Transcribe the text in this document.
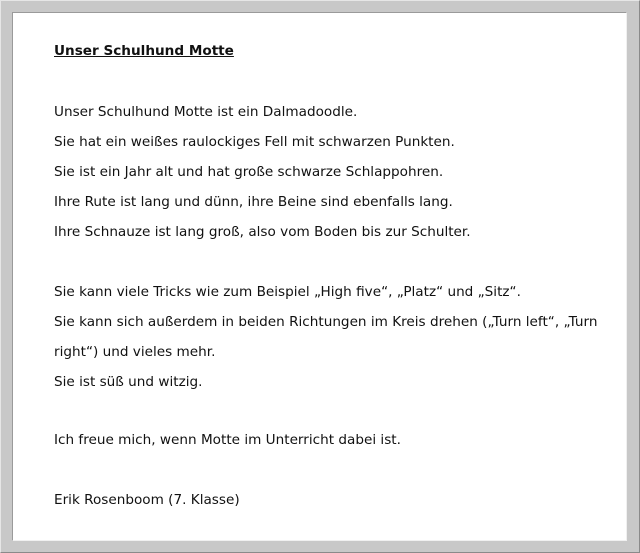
Unser Schulhund Motte
Unser Schulhund Motte ist ein Dalmadoodle.
Sie hat ein weißes raulockiges Fell mit schwarzen Punkten.
Sie ist ein Jahr alt und hat große schwarze Schlappohren.
Ihre Rute ist lang und dünn, ihre Beine sind ebenfalls lang.
Ihre Schnauze ist lang groß, also vom Boden bis zur Schulter.
Sie kann viele Tricks wie zum Beispiel „High five“, „Platz“ und „Sitz“.
Sie kann sich außerdem in beiden Richtungen im Kreis drehen („Turn left“, „Turn
right“) und vieles mehr.
Sie ist süß und witzig.
Ich freue mich, wenn Motte im Unterricht dabei ist.
Erik Rosenboom (7. Klasse)
